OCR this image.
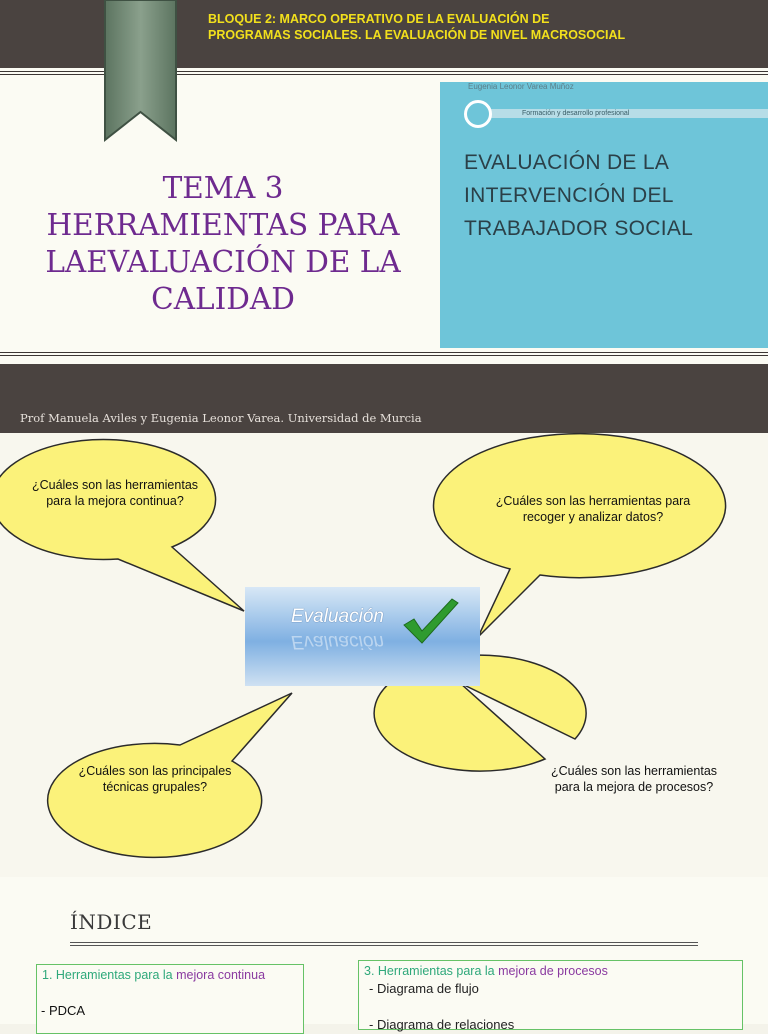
BLOQUE 2: MARCO OPERATIVO DE LA EVALUACIÓN DE PROGRAMAS SOCIALES. LA EVALUACIÓN DE NIVEL MACROSOCIAL
TEMA 3
HERRAMIENTAS PARA
LAEVALUACIÓN DE LA
CALIDAD
Eugenia Leonor Varea Muñoz
Formación y desarrollo profesional
EVALUACIÓN DE LA
INTERVENCIÓN DEL
TRABAJADOR SOCIAL
Prof Manuela Aviles y Eugenia Leonor Varea. Universidad de Murcia
¿Cuáles son las herramientas para la mejora continua?	¿Cuáles son las herramientas para recoger y analizar datos?
¿Cuáles son las principales técnicas grupales?
¿Cuáles son las herramientas para la mejora de procesos?
Evaluación
Evaluación
ÍNDICE
1. Herramientas para la mejora continua
- PDCA
3. Herramientas para la mejora de procesos
- Diagrama de flujo
- Diagrama de relaciones
